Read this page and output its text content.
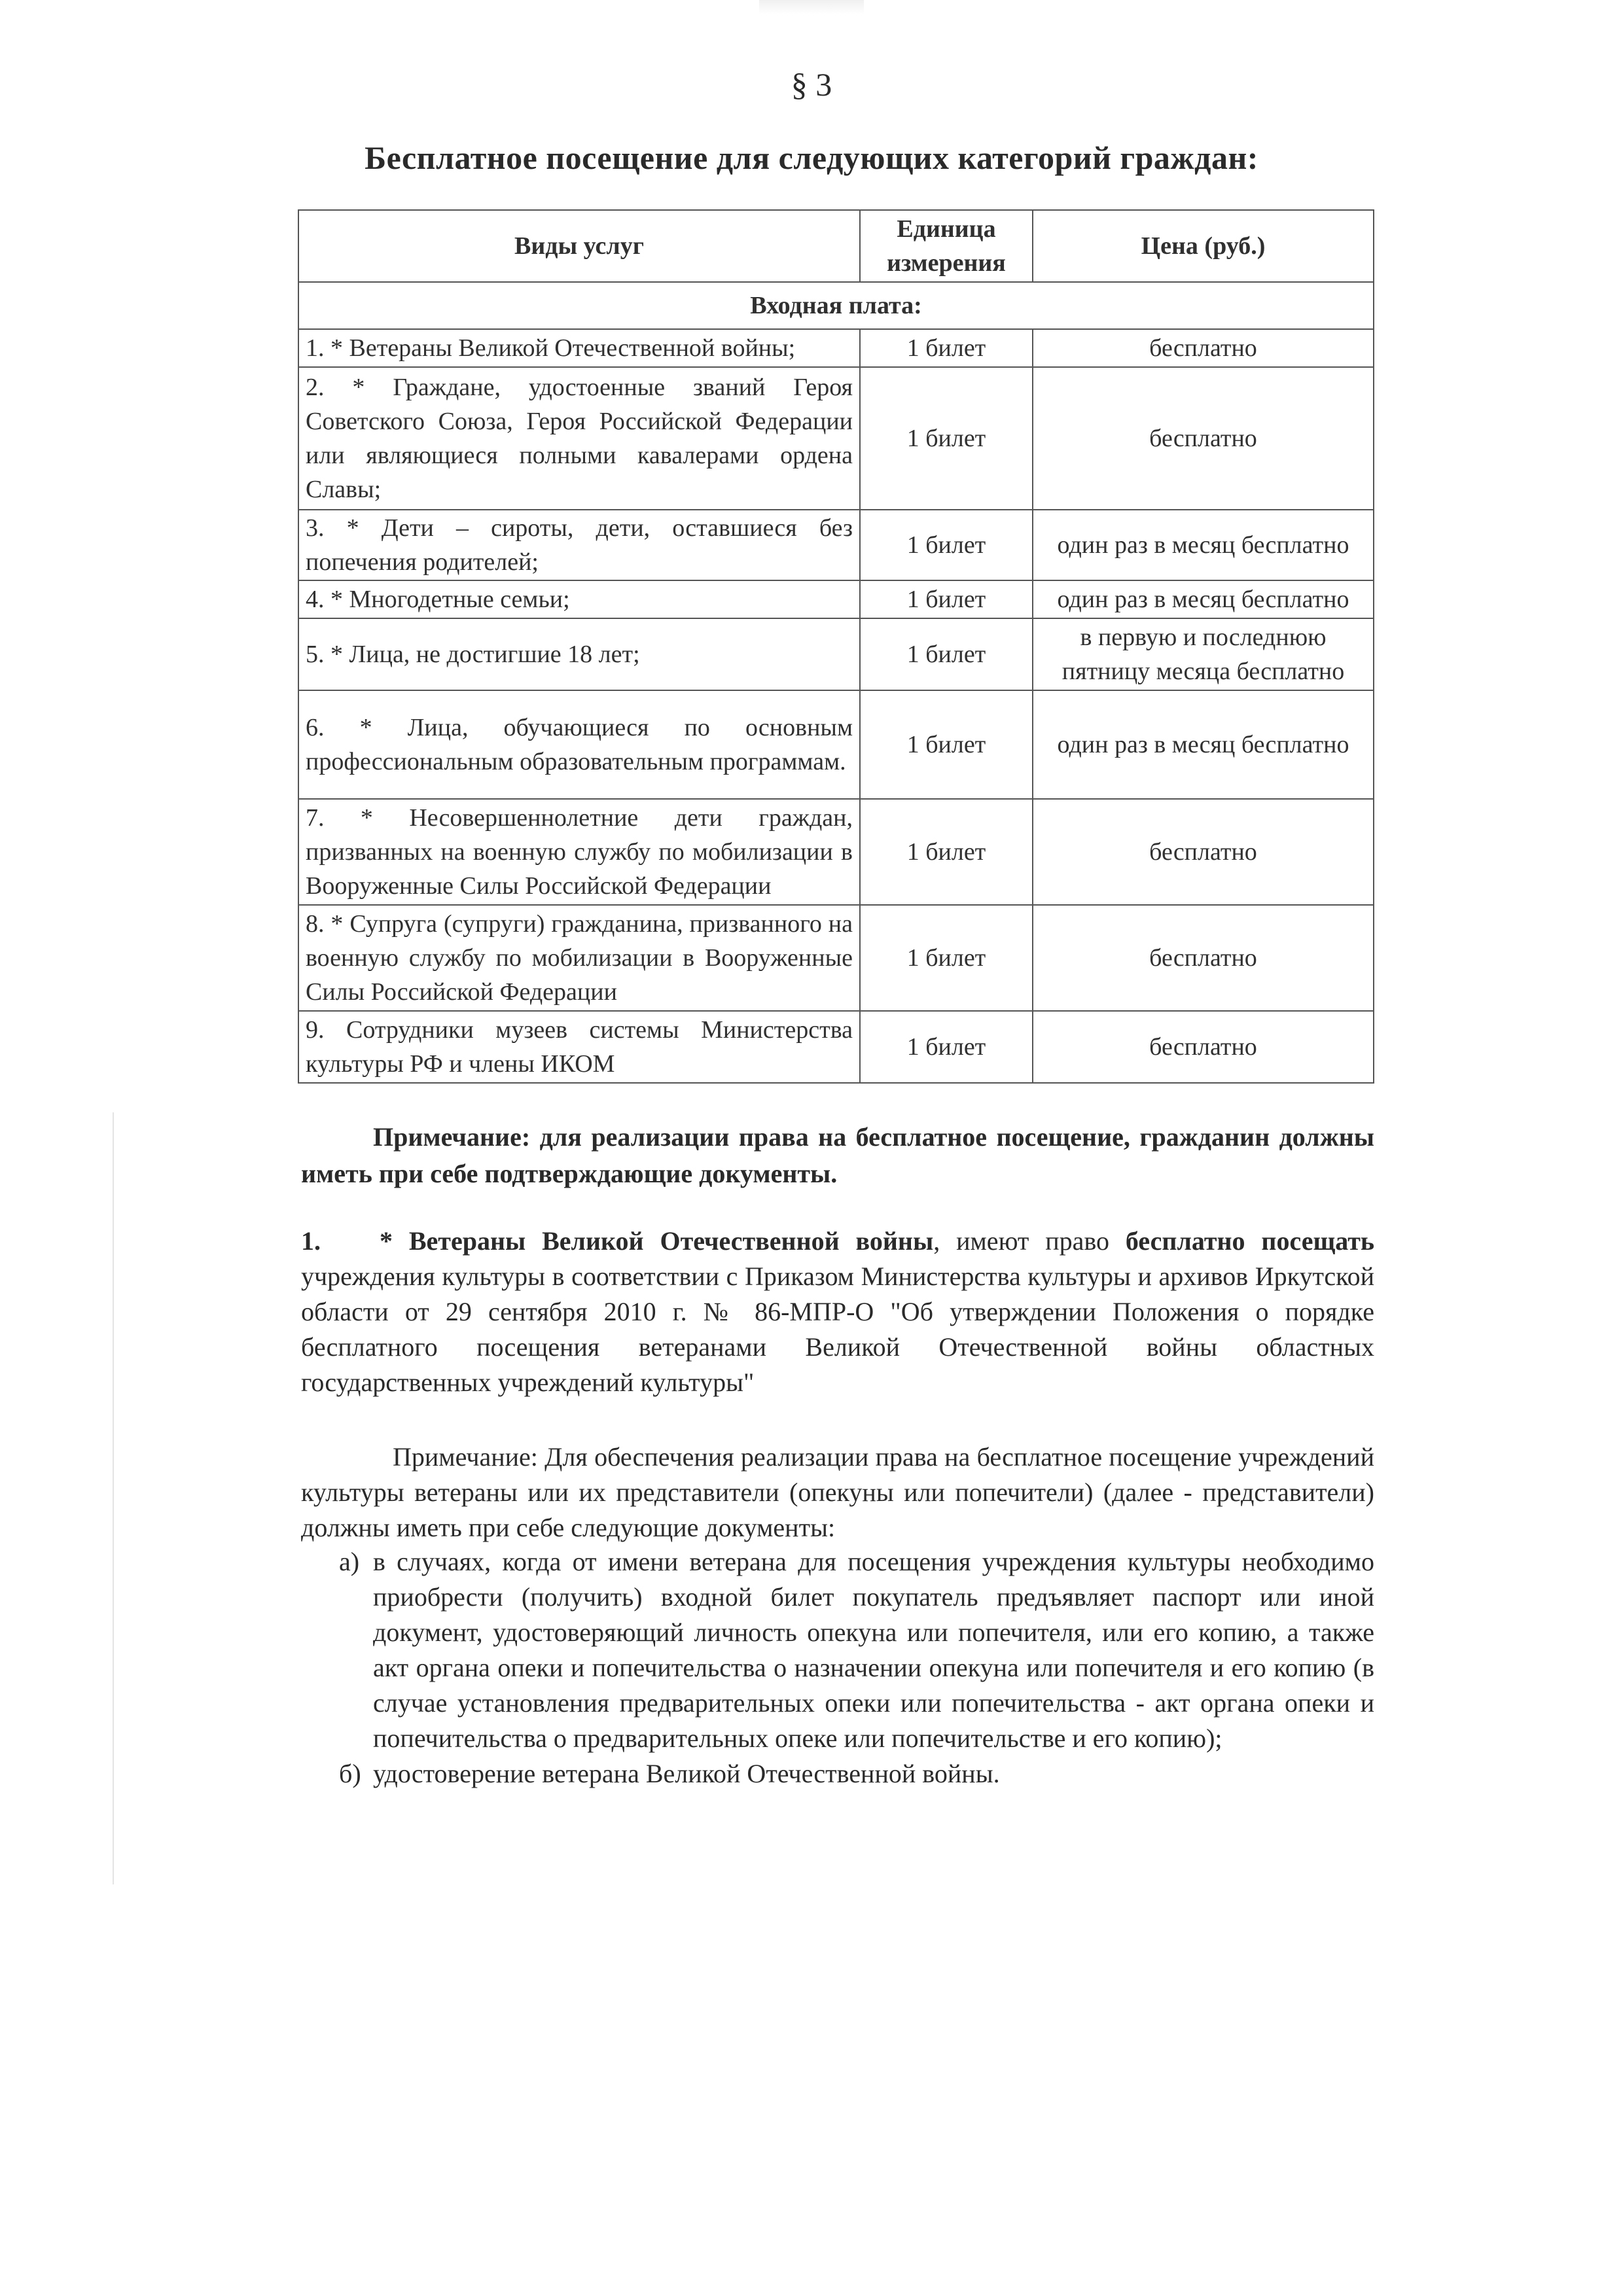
§ 3
Бесплатное посещение для следующих категорий граждан:
Виды услуг	Единица измерения	Цена (руб.)
Входная плата:		
1. * Ветераны Великой Отечественной войны;	1 билет	бесплатно
2. * Граждане, удостоенные званий Героя Советского Союза, Героя Российской Федерации или являющиеся полными кавалерами ордена Славы;	1 билет	бесплатно
3. * Дети – сироты, дети, оставшиеся без попечения родителей;	1 билет	один раз в месяц бесплатно
4. * Многодетные семьи;	1 билет	один раз в месяц бесплатно
5. * Лица, не достигшие 18 лет;	1 билет	в первую и последнюю пятницу месяца бесплатно
6. * Лица, обучающиеся по основным профессиональным образовательным программам.	1 билет	один раз в месяц бесплатно
7. * Несовершеннолетние дети граждан, призванных на военную службу по мобилизации в Вооруженные Силы Российской Федерации	1 билет	бесплатно
8. * Супруга (супруги) гражданина, призванного на военную службу по мобилизации в Вооруженные Силы Российской Федерации	1 билет	бесплатно
9. Сотрудники музеев системы Министерства культуры РФ и члены ИКОМ	1 билет	бесплатно
Примечание: для реализации права на бесплатное посещение, гражданин должны иметь при себе подтверждающие документы.
1. * Ветераны Великой Отечественной войны, имеют право бесплатно посещать учреждения культуры в соответствии с Приказом Министерства культуры и архивов Иркутской области от 29 сентября 2010 г. № 86-МПР-О "Об утверждении Положения о порядке бесплатного посещения ветеранами Великой Отечественной войны областных государственных учреждений культуры"
Примечание: Для обеспечения реализации права на бесплатное посещение учреждений культуры ветераны или их представители (опекуны или попечители) (далее - представители) должны иметь при себе следующие документы:
а) в случаях, когда от имени ветерана для посещения учреждения культуры необходимо приобрести (получить) входной билет покупатель предъявляет паспорт или иной документ, удостоверяющий личность опекуна или попечителя, или его копию, а также акт органа опеки и попечительства о назначении опекуна или попечителя и его копию (в случае установления предварительных опеки или попечительства - акт органа опеки и попечительства о предварительных опеке или попечительстве и его копию);
б) удостоверение ветерана Великой Отечественной войны.
